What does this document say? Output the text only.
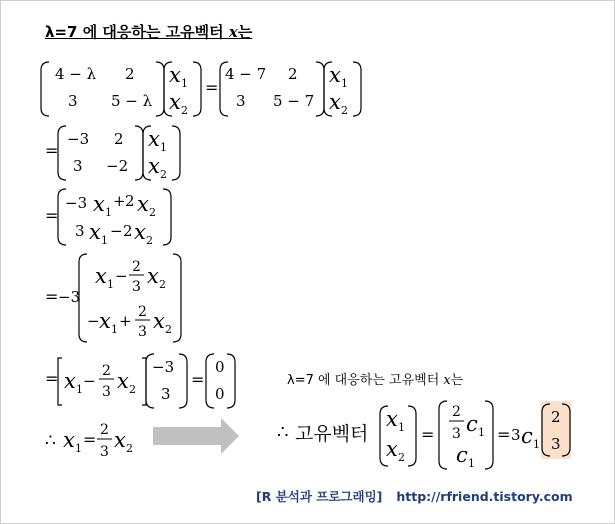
λ=7 에 대응하는 고유벡터 x는
4 − λ 2
3 5 − λ
x 1
x 2
=
4 − 7 2
3 5 − 7
x 1
x 2
=
−3 2
3 −2
x 1
x 2
=
−3 x 1
+ 2 x 2
3 x 1
− 2 x 2
= −3
x 1 − 2
3 x 2
− x 1 + 2
3 x 2
= x 1 −
2
3 x 2
−3
3
=
0
0
∴ x 1 = 2
3 x 2
λ=7 에 대응하는 고유벡터 x는
∴ 고유벡터
x 1
x 2
=
2
3 c 1
c 1
= 3 c 1
2
3
[R 분석과 프로그래밍] http://rfriend.tistory.com
